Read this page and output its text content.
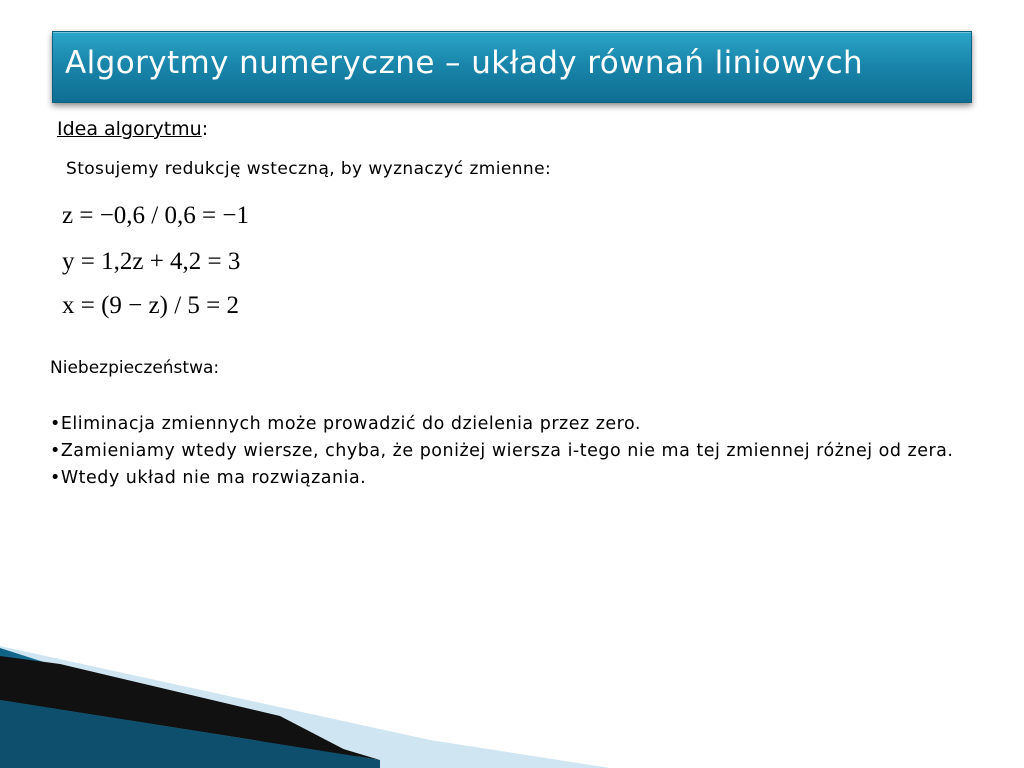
Algorytmy numeryczne – układy równań liniowych
Idea algorytmu:
Stosujemy redukcję wsteczną, by wyznaczyć zmienne:
z = −0,6 / 0,6 = −1
y = 1,2z + 4,2 = 3
x = (9 − z) / 5 = 2
Niebezpieczeństwa:
•Eliminacja zmiennych może prowadzić do dzielenia przez zero.
•Zamieniamy wtedy wiersze, chyba, że poniżej wiersza i-tego nie ma tej zmiennej różnej od zera.
•Wtedy układ nie ma rozwiązania.
